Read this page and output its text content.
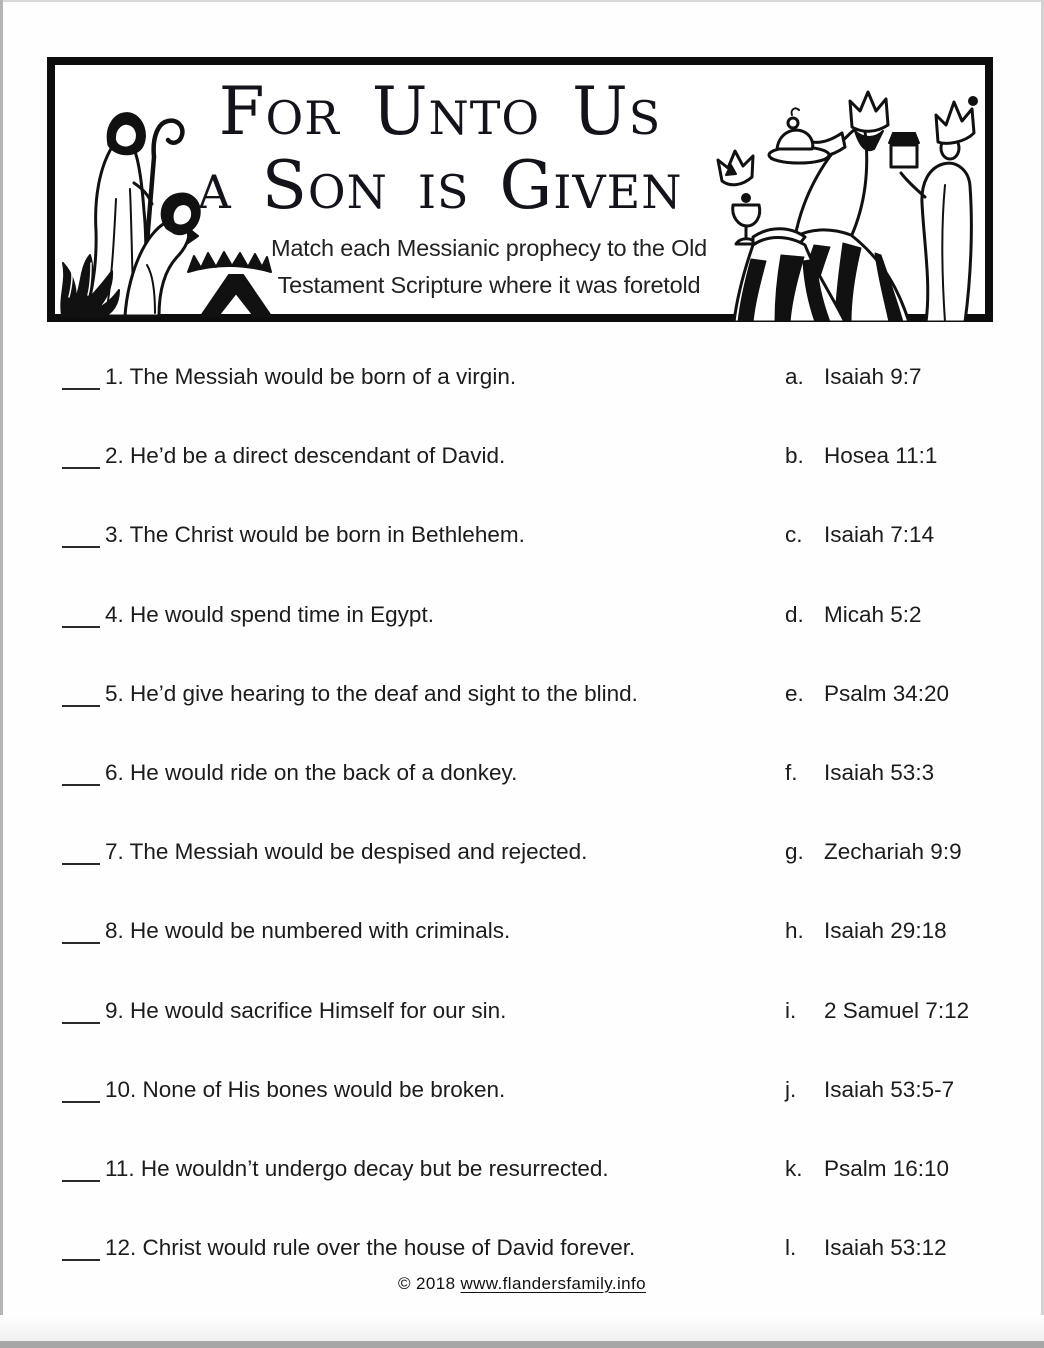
For Unto Us
a Son is Given
Match each Messianic prophecy to the Old
Testament Scripture where it was foretold
1. The Messiah would be born of a virgin.	a. Isaiah 9:7
2. He’d be a direct descendant of David.	b. Hosea 11:1
3. The Christ would be born in Bethlehem.	c. Isaiah 7:14
4. He would spend time in Egypt.	d. Micah 5:2
5. He’d give hearing to the deaf and sight to the blind.	e. Psalm 34:20
6. He would ride on the back of a donkey.	f. Isaiah 53:3
7. The Messiah would be despised and rejected.	g. Zechariah 9:9
8. He would be numbered with criminals.	h. Isaiah 29:18
9. He would sacrifice Himself for our sin.	i. 2 Samuel 7:12
10. None of His bones would be broken.	j. Isaiah 53:5-7
11. He wouldn’t undergo decay but be resurrected.	k. Psalm 16:10
12. Christ would rule over the house of David forever.	l. Isaiah 53:12
© 2018 www.flandersfamily.info
